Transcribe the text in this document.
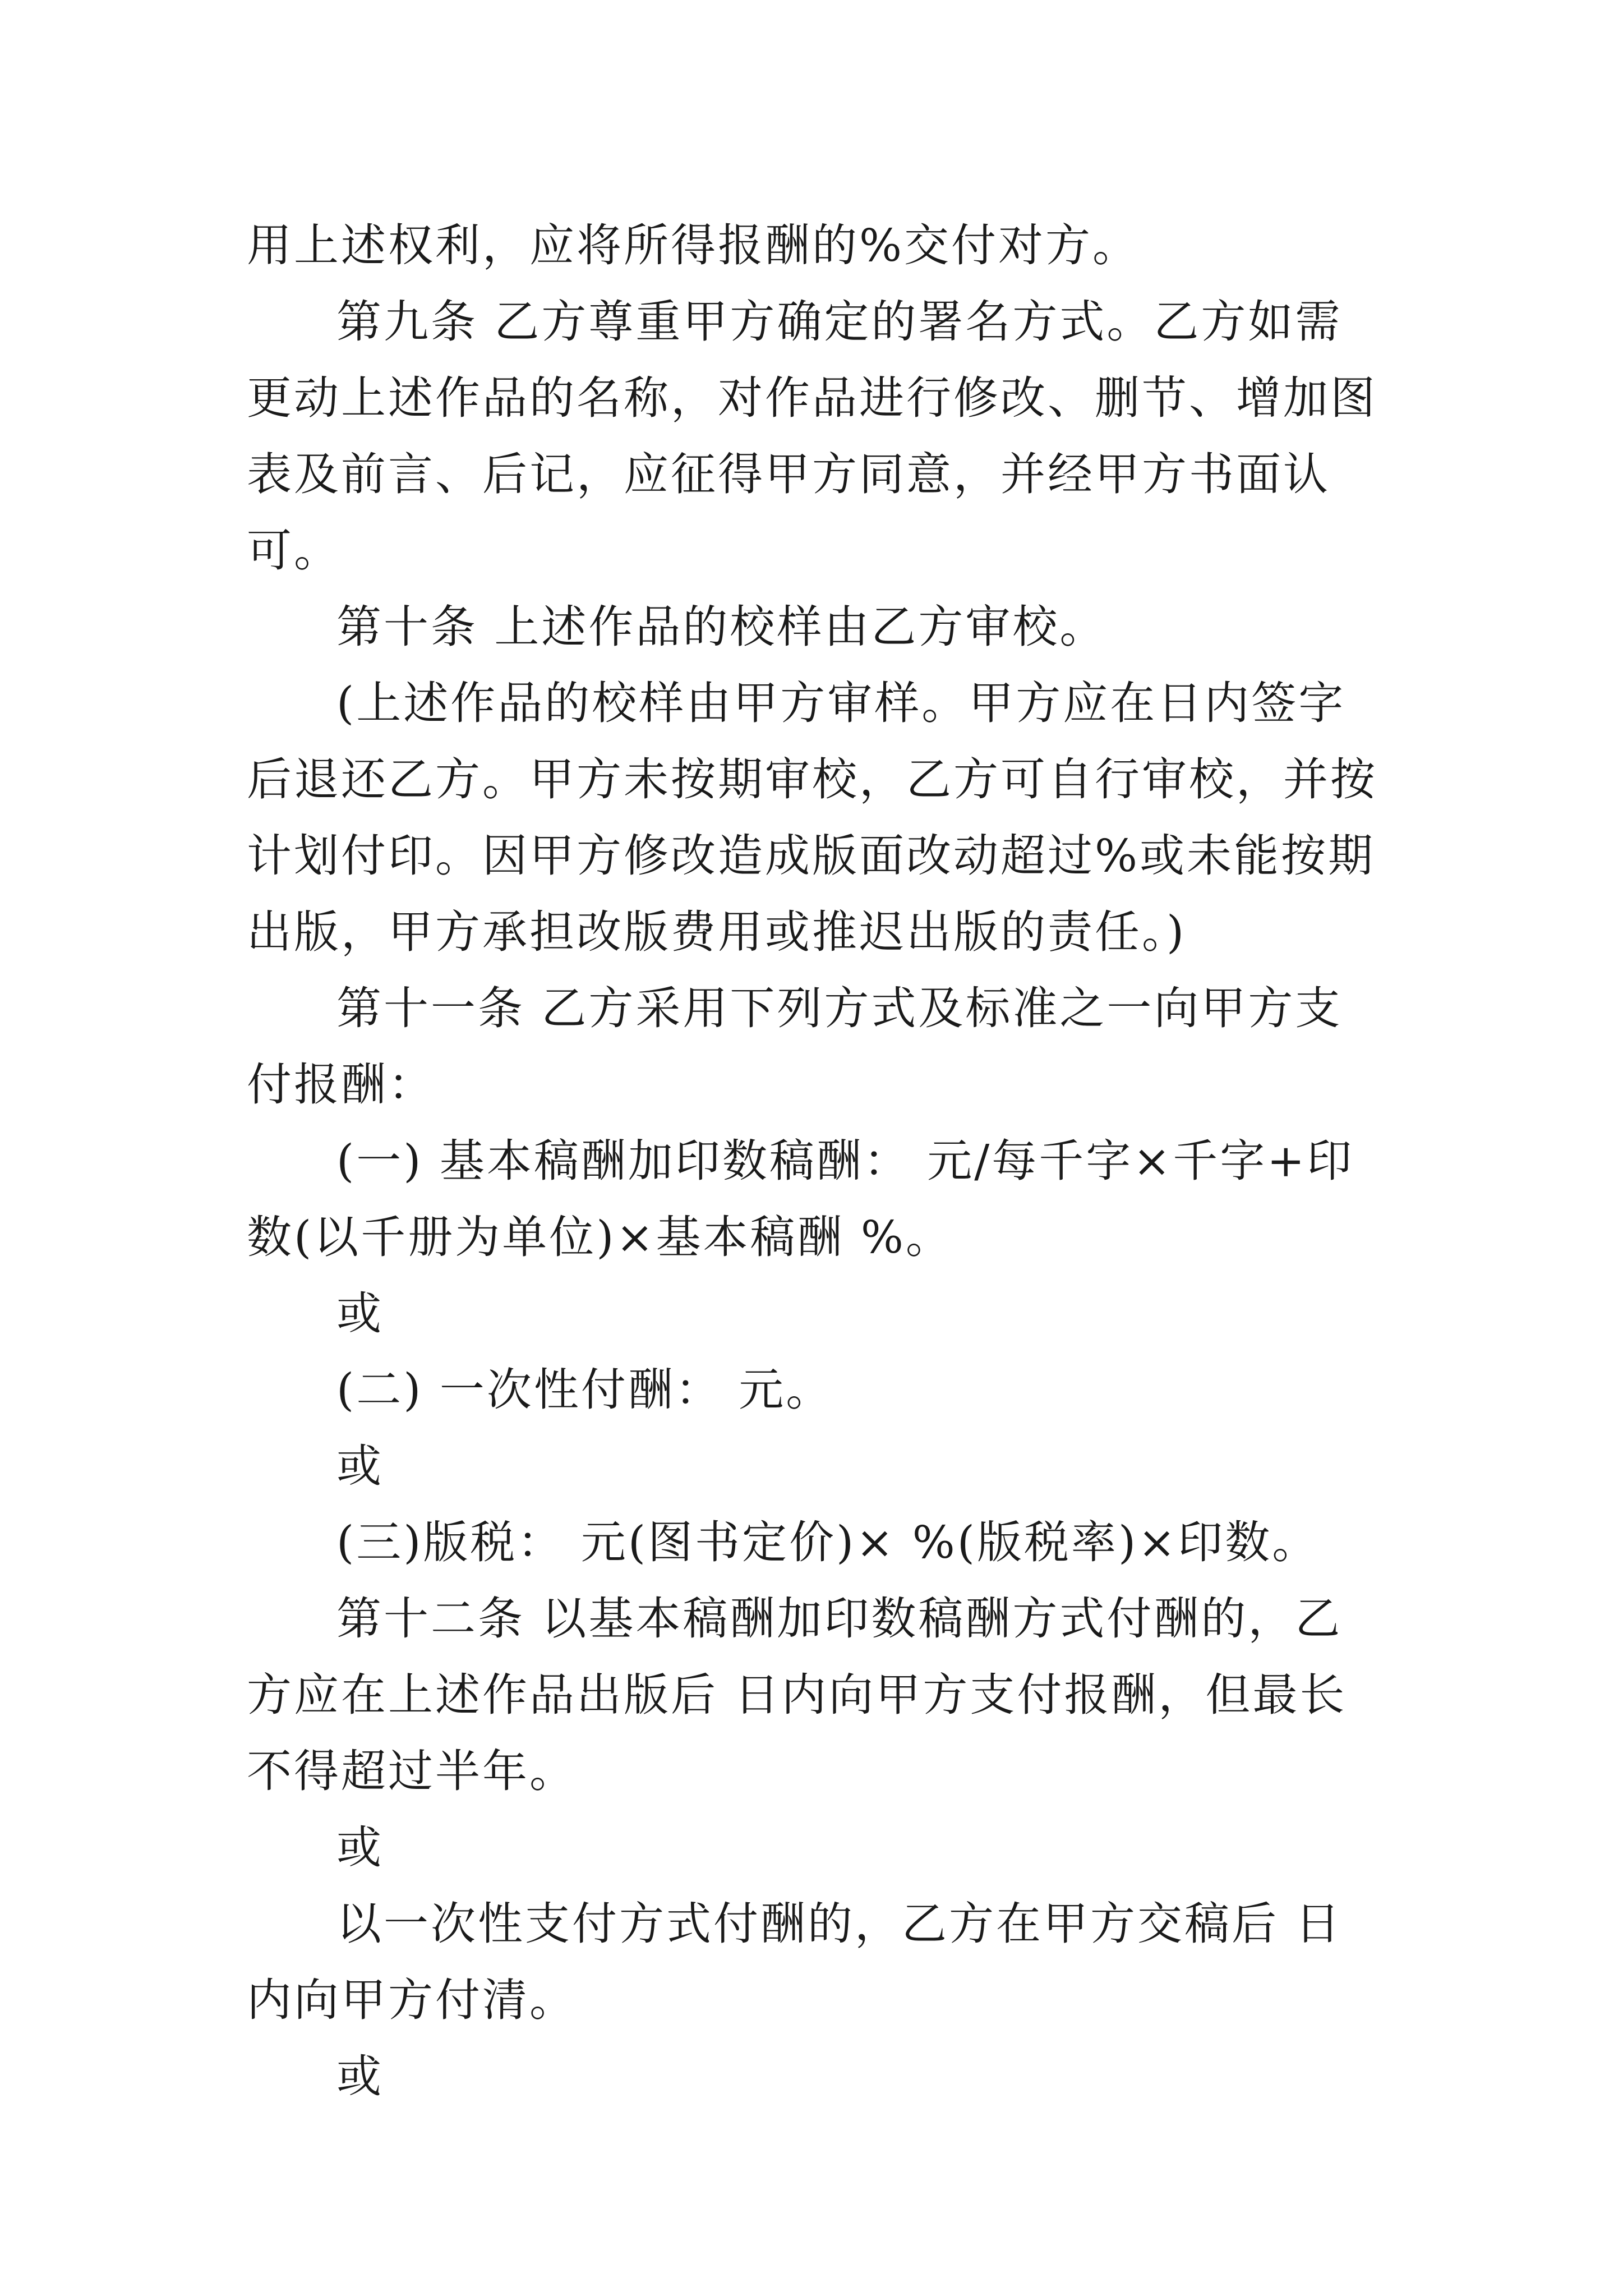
用上述权利，应将所得报酬的%交付对方。

第九条 乙方尊重甲方确定的署名方式。乙方如需更动上述作品的名称，对作品进行修改、删节、增加图表及前言、后记，应征得甲方同意，并经甲方书面认可。

第十条 上述作品的校样由乙方审校。

(上述作品的校样由甲方审样。甲方应在日内签字后退还乙方。甲方未按期审校，乙方可自行审校，并按计划付印。因甲方修改造成版面改动超过%或未能按期出版，甲方承担改版费用或推迟出版的责任。)

第十一条 乙方采用下列方式及标准之一向甲方支付报酬：

(一) 基本稿酬加印数稿酬： 元/每千字×千字+印数(以千册为单位)×基本稿酬 %。

或

(二) 一次性付酬： 元。

或

(三)版税： 元(图书定价)× %(版税率)×印数。

第十二条 以基本稿酬加印数稿酬方式付酬的，乙方应在上述作品出版后 日内向甲方支付报酬，但最长不得超过半年。

或

以一次性支付方式付酬的，乙方在甲方交稿后 日内向甲方付清。

或
